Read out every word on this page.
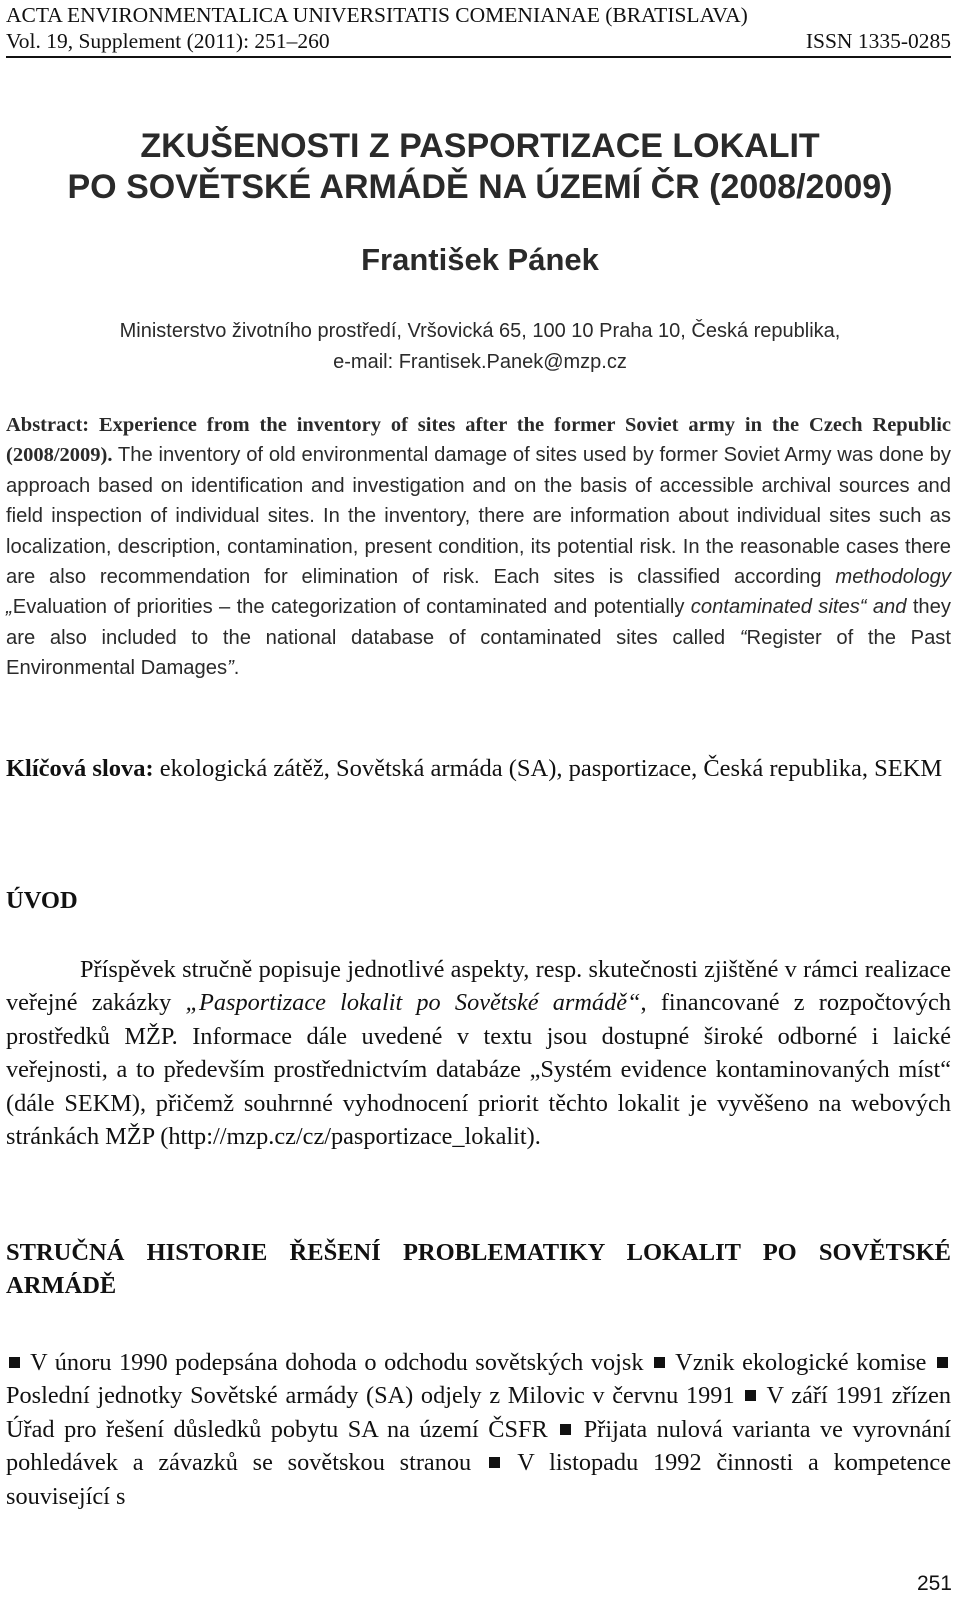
ACTA ENVIRONMENTALICA UNIVERSITATIS COMENIANAE (BRATISLAVA)
Vol. 19, Supplement (2011): 251–260	ISSN 1335-0285
ZKUŠENOSTI Z PASPORTIZACE LOKALIT
PO SOVĚTSKÉ ARMÁDĚ NA ÚZEMÍ ČR (2008/2009)
František Pánek
Ministerstvo životního prostředí, Vršovická 65, 100 10 Praha 10, Česká republika,
e-mail: Frantisek.Panek@mzp.cz
Abstract: Experience from the inventory of sites after the former Soviet army in the Czech Republic (2008/2009). The inventory of old environmental damage of sites used by former Soviet Army was done by approach based on identification and investigation and on the basis of accessible archival sources and field inspection of individual sites. In the inventory, there are information about individual sites such as localization, description, contamination, present condition, its potential risk. In the reasonable cases there are also recommendation for elimination of risk. Each sites is classified according methodology „Evaluation of priorities – the categorization of contaminated and potentially contaminated sites“ and they are also included to the national database of contaminated sites called “Register of the Past Environmental Damages”.
Klíčová slova: ekologická zátěž, Sovětská armáda (SA), pasportizace, Česká republika, SEKM
ÚVOD
Příspěvek stručně popisuje jednotlivé aspekty, resp. skutečnosti zjištěné v rámci realizace veřejné zakázky „Pasportizace lokalit po Sovětské armádě“, financované z rozpočtových prostředků MŽP. Informace dále uvedené v textu jsou dostupné široké odborné i laické veřejnosti, a to především prostřednictvím databáze „Systém evidence kontaminovaných míst“ (dále SEKM), přičemž souhrnné vyhodnocení priorit těchto lokalit je vyvěšeno na webových stránkách MŽP (http://mzp.cz/cz/pasportizace_lokalit).
STRUČNÁ HISTORIE ŘEŠENÍ PROBLEMATIKY LOKALIT PO SOVĚTSKÉ ARMÁDĚ
V únoru 1990 podepsána dohoda o odchodu sovětských vojsk  Vznik ekologické komise  Poslední jednotky Sovětské armády (SA) odjely z Milovic v červnu 1991  V září 1991 zřízen Úřad pro řešení důsledků pobytu SA na území ČSFR  Přijata nulová varianta ve vyrovnání pohledávek a závazků se sovětskou stranou  V listopadu 1992 činnosti a kompetence související s
251
